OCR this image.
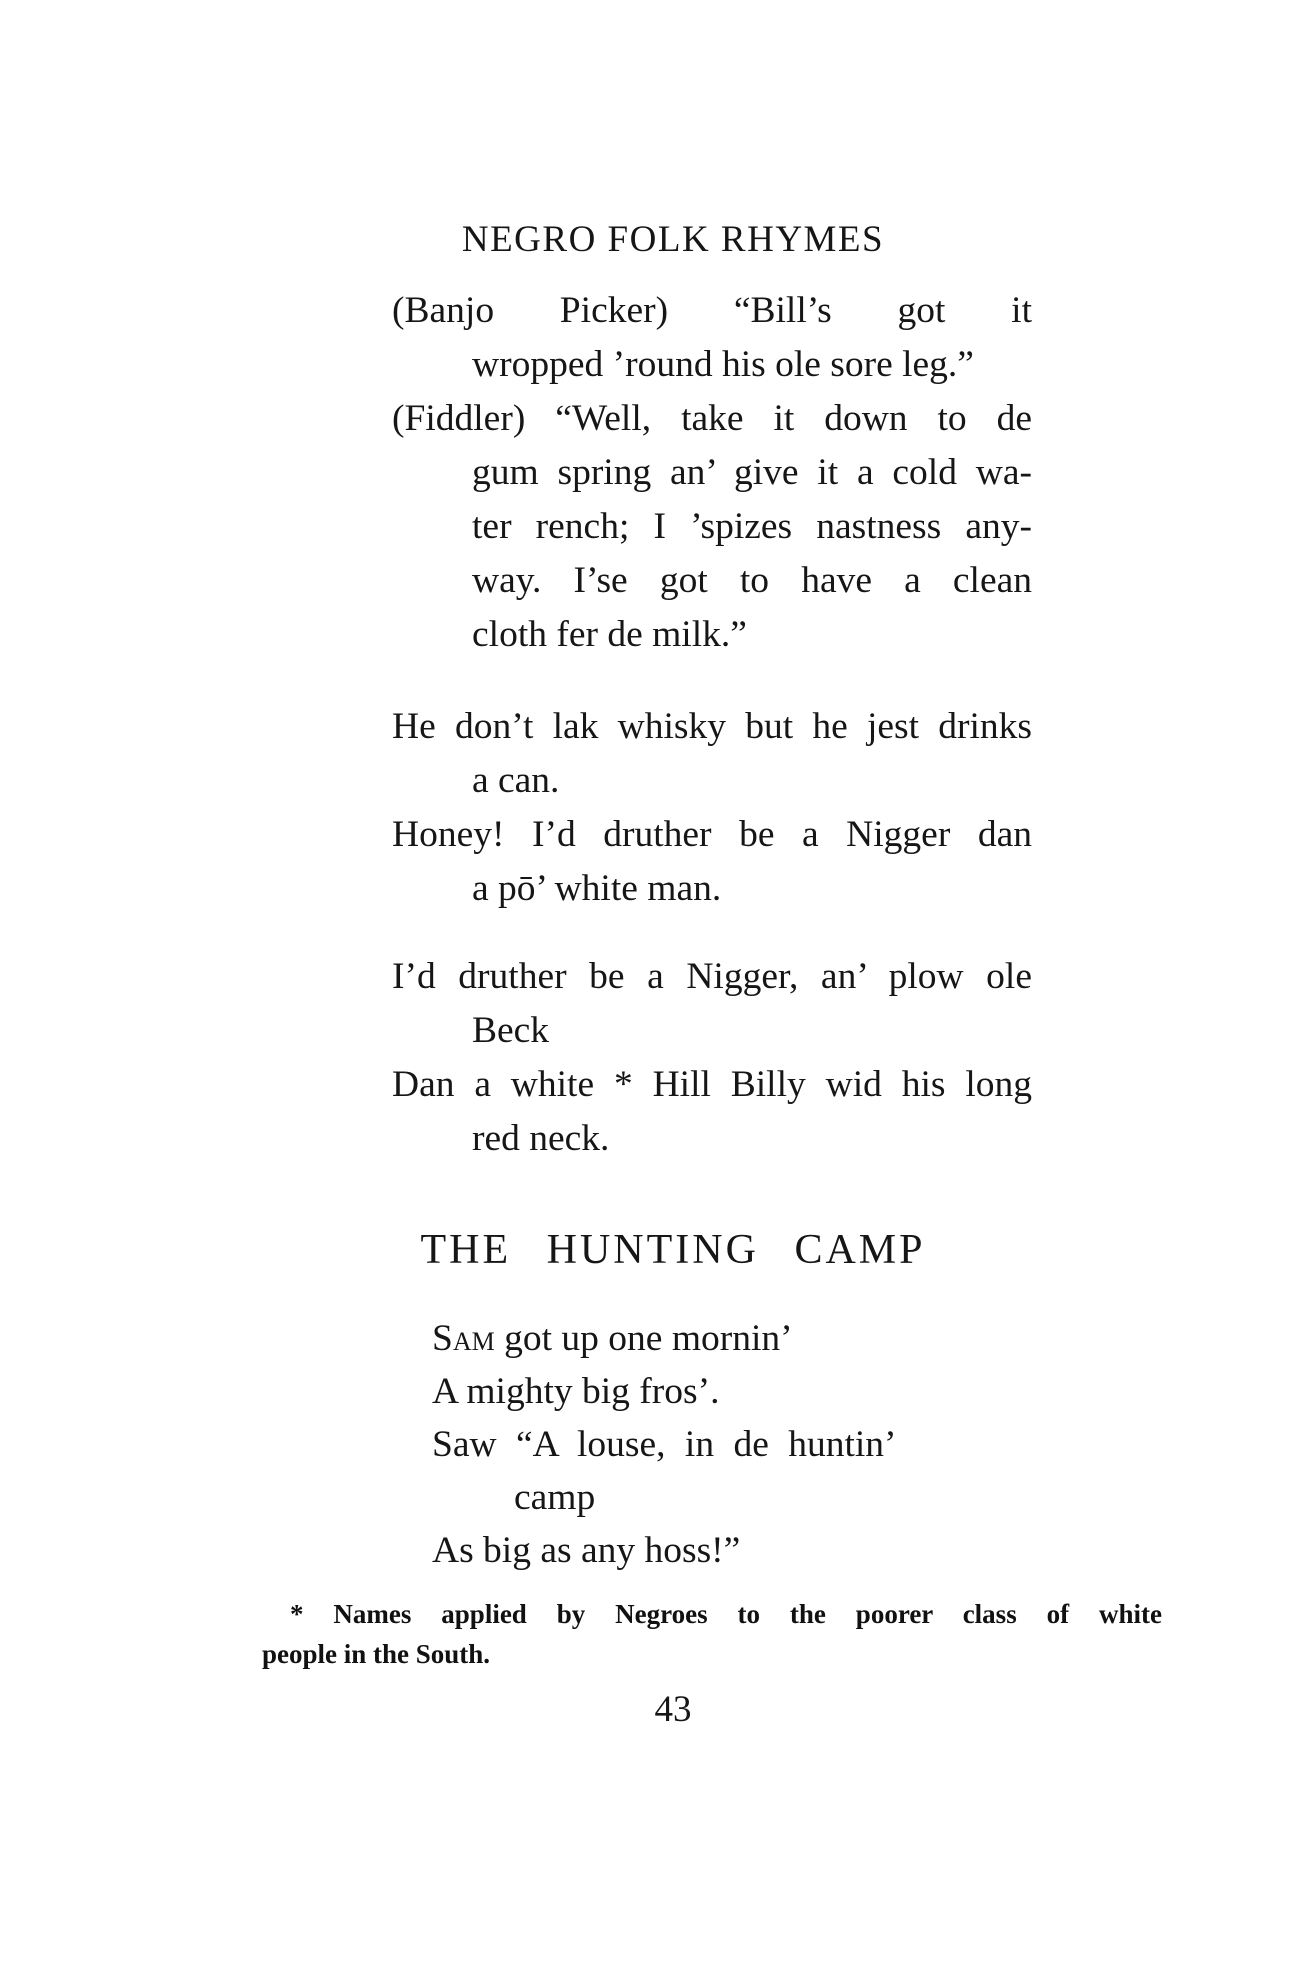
NEGRO FOLK RHYMES
(Banjo Picker) “Bill’s got it
wropped ’round his ole sore leg.”
(Fiddler) “Well, take it down to de
gum spring an’ give it a cold wa-
ter rench; I ’spizes nastness any-
way. I’se got to have a clean
cloth fer de milk.”
He don’t lak whisky but he jest drinks
a can.
Honey! I’d druther be a Nigger dan
a pō’ white man.
I’d druther be a Nigger, an’ plow ole
Beck
Dan a white * Hill Billy wid his long
red neck.
THE HUNTING CAMP
Sam got up one mornin’
A mighty big fros’.
Saw “A louse, in de huntin’
camp
As big as any hoss!”
* Names applied by Negroes to the poorer class of white
people in the South.
43
